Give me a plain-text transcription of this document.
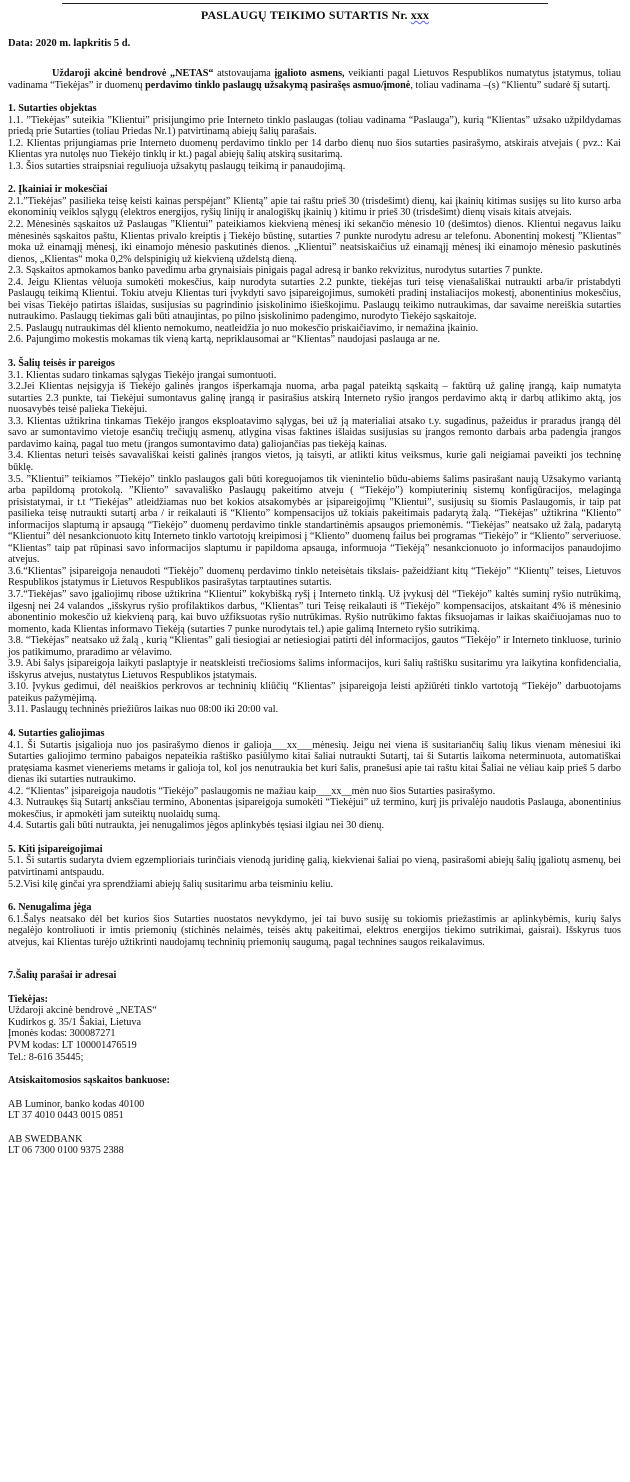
PASLAUGŲ TEIKIMO SUTARTIS Nr. xxx
Data: 2020 m. lapkritis 5 d.

Uždaroji akcinė bendrovė „NETAS“ atstovaujama įgalioto asmens, veikianti pagal Lietuvos Respublikos numatytus įstatymus, toliau vadinama “Tiekėjas” ir duomenų perdavimo tinklo paslaugų užsakymą pasirašęs asmuo/įmonė, toliau vadinama –(s) “Klientu” sudarė šį sutartį.

1. Sutarties objektas

1.1. ”Tiekėjas” suteikia ”Klientui” prisijungimo prie Interneto tinklo paslaugas (toliau vadinama “Paslauga”), kurią “Klientas” užsako užpildydamas priedą prie Sutarties (toliau Priedas Nr.1) patvirtinamą abiejų šalių parašais.

1.2. Klientas prijungiamas prie Interneto duomenų perdavimo tinklo per 14 darbo dienų nuo šios sutarties pasirašymo, atskirais atvejais ( pvz.: Kai Klientas yra nutolęs nuo Tiekėjo tinklų ir kt.) pagal abiejų šalių atskirą susitarimą.

1.3. Šios sutarties straipsniai reguliuoja užsakytų paslaugų teikimą ir panaudojimą.

2. Įkainiai ir mokesčiai

2.1.”Tiekėjas” pasilieka teisę keisti kainas perspėjant” Klientą” apie tai raštu prieš 30 (trisdešimt) dienų, kai įkainių kitimas susijęs su lito kurso arba ekonominių veiklos sąlygų (elektros energijos, ryšių linijų ir analogiškų įkainių ) kitimu ir prieš 30 (trisdešimt) dienų visais kitais atvejais.

2.2. Mėnesinės sąskaitos už Paslaugas ”Klientui” pateikiamos kiekvieną mėnesį iki sekančio mėnesio 10 (dešimtos) dienos. Klientui negavus laiku mėnesinės sąskaitos paštu, Klientas privalo kreiptis į Tiekėjo būstinę, sutarties 7 punkte nurodytu adresu ar telefonu. Abonentinį mokestį ”Klientas” moka už einamąjį mėnesį, iki einamojo mėnesio paskutinės dienos. „Klientui” neatsiskaičius už einamąjį mėnesį iki einamojo mėnesio paskutinės dienos, „Klientas“ moka 0,2% delspinigių už kiekvieną uždelstą dieną.

2.3. Sąskaitos apmokamos banko pavedimu arba grynaisiais pinigais pagal adresą ir banko rekvizitus, nurodytus sutarties 7 punkte.

2.4. Jeigu Klientas vėluoja sumokėti mokesčius, kaip nurodyta sutarties 2.2 punkte, tiekėjas turi teisę vienašališkai nutraukti arba/ir pristabdyti Paslaugų teikimą Klientui. Tokiu atveju Klientas turi įvykdyti savo įsipareigojimus, sumokėti pradinį instaliacijos mokestį, abonentinius mokesčius, bei visas Tiekėjo patirtas išlaidas, susijusias su pagrindinio įsiskolinimo išieškojimu. Paslaugų teikimo nutraukimas, dar savaime nereiškia sutarties nutraukimo. Paslaugų tiekimas gali būti atnaujintas, po pilno įsiskolinimo padengimo, nurodyto Tiekėjo sąskaitoje.

2.5. Paslaugų nutraukimas dėl kliento nemokumo, neatleidžia jo nuo mokesčio priskaičiavimo, ir nemažina įkainio.

2.6. Pajungimo mokestis mokamas tik vieną kartą, nepriklausomai ar “Klientas” naudojasi paslauga ar ne.

3. Šalių teisės ir pareigos

3.1. Klientas sudaro tinkamas sąlygas Tiekėjo įrangai sumontuoti.

3.2.Jei Klientas neįsigyja iš Tiekėjo galinės įrangos išperkamąja nuoma, arba pagal pateiktą sąskaitą – faktūrą už galinę įrangą, kaip numatyta sutarties 2.3 punkte, tai Tiekėjui sumontavus galinę įrangą ir pasirašius atskirą Interneto ryšio įrangos perdavimo aktą ir darbų atlikimo aktą, jos nuosavybės teisė palieka Tiekėjui.

3.3. Klientas užtikrina tinkamas Tiekėjo įrangos eksploatavimo sąlygas, bei už ją materialiai atsako t.y. sugadinus, pažeidus ir praradus įrangą dėl savo ar sumontavimo vietoje esančių trečiųjų asmenų, atlygina visas faktines išlaidas susijusias su įrangos remonto darbais arba padengia įrangos pardavimo kainą, pagal tuo metu (įrangos sumontavimo data) galiojančias pas tiekėją kainas.

3.4. Klientas neturi teisės savavališkai keisti galinės įrangos vietos, ją taisyti, ar atlikti kitus veiksmus, kurie gali neigiamai paveikti jos techninę būklę.

3.5. ”Klientui” teikiamos ”Tiekėjo” tinklo paslaugos gali būti koreguojamos tik vienintelio būdu-abiems šalims pasirašant naują Užsakymo variantą arba papildomą protokolą. ”Kliento” savavališko Paslaugų pakeitimo atveju ( “Tiekėjo”) kompiuterinių sistemų konfigūracijos, melaginga prisistatymai, ir t.t “Tiekėjas” atleidžiamas nuo bet kokios atsakomybės ar įsipareigojimų ”Klientui”, susijusių su šiomis Paslaugomis, ir taip pat pasilieka teisę nutraukti sutartį arba / ir reikalauti iš “Kliento” kompensacijos už tokiais pakeitimais padarytą žalą. “Tiekėjas” užtikrina “Kliento” informacijos slaptumą ir apsaugą “Tiekėjo” duomenų perdavimo tinkle standartinėmis apsaugos priemonėmis. “Tiekėjas” neatsako už žalą, padarytą “Klientui” dėl nesankcionuoto kitų Interneto tinklo vartotojų kreipimosi į “Kliento” duomenų failus bei programas “Tiekėjo” ir “Kliento” serveriuose. “Klientas” taip pat rūpinasi savo informacijos slaptumu ir papildoma apsauga, informuoja “Tiekėją” nesankcionuoto jo informacijos panaudojimo atvejus.

3.6.“Klientas” įsipareigoja nenaudoti “Tiekėjo” duomenų perdavimo tinklo neteisėtais tikslais- pažeidžiant kitų “Tiekėjo” “Klientų” teises, Lietuvos Respublikos įstatymus ir Lietuvos Respublikos pasirašytas tarptautines sutartis.

3.7.“Tiekėjas” savo įgaliojimų ribose užtikrina “Klientui” kokybišką ryšį į Interneto tinklą. Už įvykusį dėl “Tiekėjo” kaltės suminį ryšio nutrūkimą, ilgesnį nei 24 valandos „išskyrus ryšio profilaktikos darbus, “Klientas” turi Teisę reikalauti iš “Tiekėjo” kompensacijos, atskaitant 4% iš mėnesinio abonentinio mokesčio už kiekvieną parą, kai buvo užfiksuotas ryšio nutrūkimas. Ryšio nutrūkimo faktas fiksuojamas ir laikas skaičiuojamas nuo to momento, kada Klientas informavo Tiekėją (sutarties 7 punke nurodytais tel.) apie galimą Interneto ryšio sutrikimą.

3.8. “Tiekėjas” neatsako už žalą , kurią “Klientas” gali tiesiogiai ar netiesiogiai patirti dėl informacijos, gautos “Tiekėjo” ir Interneto tinkluose, turinio jos patikimumo, praradimo ar vėlavimo.

3.9. Abi šalys įsipareigoja laikyti paslaptyje ir neatskleisti trečiosioms šalims informacijos, kuri šalių raštišku susitarimu yra laikytina konfidencialia, išskyrus atvejus, nustatytus Lietuvos Respublikos įstatymais.

3.10. Įvykus gedimui, dėl neaiškios perkrovos ar techninių kliūčių “Klientas” įsipareigoja leisti apžiūrėti tinklo vartotoją “Tiekėjo” darbuotojams pateikus pažymėjimą.

3.11. Paslaugų techninės priežiūros laikas nuo 08:00 iki 20:00 val.

4. Sutarties galiojimas

4.1. Ši Sutartis įsigalioja nuo jos pasirašymo dienos ir galioja___xx___mėnesių. Jeigu nei viena iš susitariančių šalių likus vienam mėnesiui iki Sutarties galiojimo termino pabaigos nepateikia raštiško pasiūlymo kitai šaliai nutraukti Sutartį, tai ši Sutartis laikoma neterminuota, automatiškai pratęsiama kasmet vieneriems metams ir galioja tol, kol jos nenutraukia bet kuri šalis, pranešusi apie tai raštu kitai Šaliai ne vėliau kaip prieš 5 darbo dienas iki sutarties nutraukimo.

4.2. “Klientas” įsipareigoja naudotis “Tiekėjo” paslaugomis ne mažiau kaip___xx__mėn nuo šios Sutarties pasirašymo.

4.3. Nutraukęs šią Sutartį anksčiau termino, Abonentas įsipareigoja sumokėti “Tiekėjui” už termino, kurį jis privalėjo naudotis Paslauga, abonentinius mokesčius, ir apmokėti jam suteiktų nuolaidų sumą.

4.4. Sutartis gali būti nutraukta, jei nenugalimos jėgos aplinkybės tęsiasi ilgiau nei 30 dienų.

5. Kiti įsipareigojimai

5.1. Ši sutartis sudaryta dviem egzemplioriais turinčiais vienodą juridinę galią, kiekvienai šaliai po vieną, pasirašomi abiejų šalių įgaliotų asmenų, bei patvirtinami antspaudu.

5.2.Visi kilę ginčai yra sprendžiami abiejų šalių susitarimu arba teisminiu keliu.

6. Nenugalima jėga

6.1.Šalys neatsako dėl bet kurios šios Sutarties nuostatos nevykdymo, jei tai buvo susiję su tokiomis priežastimis ar aplinkybėmis, kurių šalys negalėjo kontroliuoti ir imtis priemonių (stichinės nelaimės, teisės aktų pakeitimai, elektros energijos tiekimo sutrikimai, gaisrai). Išskyrus tuos atvejus, kai Klientas turėjo užtikrinti naudojamų techninių priemonių saugumą, pagal technines saugos reikalavimus.

7.Šalių parašai ir adresai

Tiekėjas:

Uždaroji akcinė bendrovė „NETAS“

Kudirkos g. 35/1 Šakiai, Lietuva

Įmonės kodas: 300087271

PVM kodas: LT 100001476519

Tel.: 8-616 35445;

Atsiskaitomosios sąskaitos bankuose:

AB Luminor, banko kodas 40100

LT 37 4010 0443 0015 0851

AB SWEDBANK

LT 06 7300 0100 9375 2388
